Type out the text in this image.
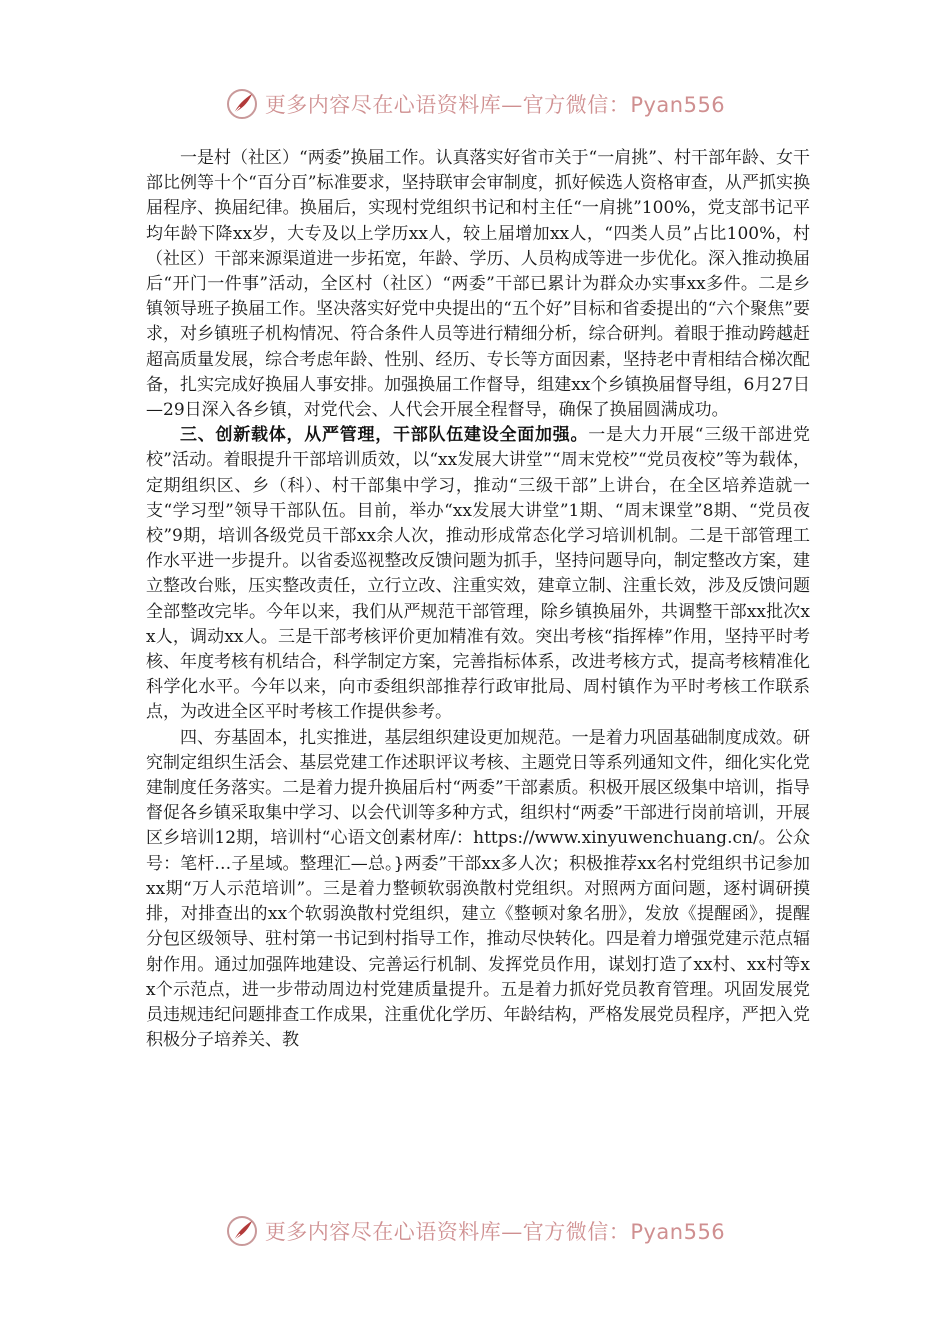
更多内容尽在心语资料库—官方微信：Pyan556

一是村（社区）“两委”换届工作。认真落实好省市关于“一肩挑”、村干部年龄、女干部比例等十个“百分百”标准要求，坚持联审会审制度，抓好候选人资格审查，从严抓实换届程序、换届纪律。换届后，实现村党组织书记和村主任“一肩挑”100%，党支部书记平均年龄下降xx岁，大专及以上学历xx人，较上届增加xx人，“四类人员”占比100%，村（社区）干部来源渠道进一步拓宽，年龄、学历、人员构成等进一步优化。深入推动换届后“开门一件事”活动，全区村（社区）“两委”干部已累计为群众办实事xx多件。二是乡镇领导班子换届工作。坚决落实好党中央提出的“五个好”目标和省委提出的“六个聚焦”要求，对乡镇班子机构情况、符合条件人员等进行精细分析，综合研判。着眼于推动跨越赶超高质量发展，综合考虑年龄、性别、经历、专长等方面因素，坚持老中青相结合梯次配备，扎实完成好换届人事安排。加强换届工作督导，组建xx个乡镇换届督导组，6月27日—29日深入各乡镇，对党代会、人代会开展全程督导，确保了换届圆满成功。

三、创新载体，从严管理，干部队伍建设全面加强。一是大力开展“三级干部进党校”活动。着眼提升干部培训质效，以“xx发展大讲堂”“周末党校”“党员夜校”等为载体，定期组织区、乡（科）、村干部集中学习，推动“三级干部”上讲台，在全区培养造就一支“学习型”领导干部队伍。目前，举办“xx发展大讲堂”1期、“周末课堂”8期、“党员夜校”9期，培训各级党员干部xx余人次，推动形成常态化学习培训机制。二是干部管理工作水平进一步提升。以省委巡视整改反馈问题为抓手，坚持问题导向，制定整改方案，建立整改台账，压实整改责任，立行立改、注重实效，建章立制、注重长效，涉及反馈问题全部整改完毕。今年以来，我们从严规范干部管理，除乡镇换届外，共调整干部xx批次xx人，调动xx人。三是干部考核评价更加精准有效。突出考核“指挥棒”作用，坚持平时考核、年度考核有机结合，科学制定方案，完善指标体系，改进考核方式，提高考核精准化科学化水平。今年以来，向市委组织部推荐行政审批局、周村镇作为平时考核工作联系点，为改进全区平时考核工作提供参考。

四、夯基固本，扎实推进，基层组织建设更加规范。一是着力巩固基础制度成效。研究制定组织生活会、基层党建工作述职评议考核、主题党日等系列通知文件，细化实化党建制度任务落实。二是着力提升换届后村“两委”干部素质。积极开展区级集中培训，指导督促各乡镇采取集中学习、以会代训等多种方式，组织村“两委”干部进行岗前培训，开展区乡培训12期，培训村“心语文创素材库/：https://www.xinyuwenchuang.cn/。公众号：笔杆…子星域。整理汇—总。}两委”干部xx多人次；积极推荐xx名村党组织书记参加xx期“万人示范培训”。三是着力整顿软弱涣散村党组织。对照两方面问题，逐村调研摸排，对排查出的xx个软弱涣散村党组织，建立《整顿对象名册》，发放《提醒函》，提醒分包区级领导、驻村第一书记到村指导工作，推动尽快转化。四是着力增强党建示范点辐射作用。通过加强阵地建设、完善运行机制、发挥党员作用，谋划打造了xx村、xx村等xx个示范点，进一步带动周边村党建质量提升。五是着力抓好党员教育管理。巩固发展党员违规违纪问题排查工作成果，注重优化学历、年龄结构，严格发展党员程序，严把入党积极分子培养关、教

更多内容尽在心语资料库—官方微信：Pyan556
